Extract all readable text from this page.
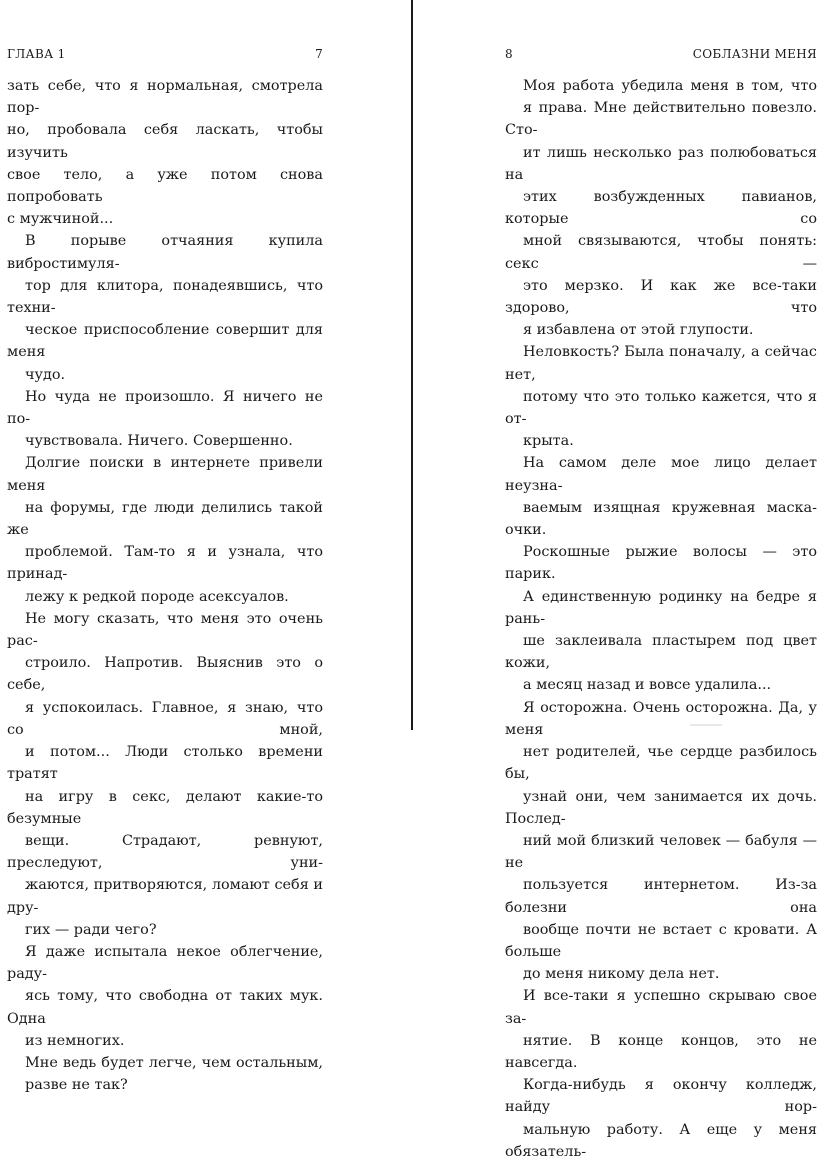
ГЛАВА 1	7

зать себе, что я нормальная, смотрела пор-
но, пробовала себя ласкать, чтобы изучить
свое тело, а уже потом снова попробовать
с мужчиной...

В порыве отчаяния купила вибростимуля-
тор для клитора, понадеявшись, что техни-
ческое приспособление совершит для меня
чудо.

Но чуда не произошло. Я ничего не по-
чувствовала. Ничего. Совершенно.

Долгие поиски в интернете привели меня
на форумы, где люди делились такой же
проблемой. Там-то я и узнала, что принад-
лежу к редкой породе асексуалов.

Не могу сказать, что меня это очень рас-
строило. Напротив. Выяснив это о себе,
я успокоилась. Главное, я знаю, что со мной,
и потом... Люди столько времени тратят
на игру в секс, делают какие-то безумные
вещи. Страдают, ревнуют, преследуют, уни-
жаются, притворяются, ломают себя и дру-
гих — ради чего?

Я даже испытала некое облегчение, раду-
ясь тому, что свободна от таких мук. Одна
из немногих.

Мне ведь будет легче, чем остальным,
разве не так?

8	СОБЛАЗНИ МЕНЯ

Моя работа убедила меня в том, что
я права. Мне действительно повезло. Сто-
ит лишь несколько раз полюбоваться на
этих возбужденных павианов, которые со
мной связываются, чтобы понять: секс —
это мерзко. И как же все-таки здорово, что
я избавлена от этой глупости.

Неловкость? Была поначалу, а сейчас нет,
потому что это только кажется, что я от-
крыта.

На самом деле мое лицо делает неузна-
ваемым изящная кружевная маска-очки.
Роскошные рыжие волосы — это парик.
А единственную родинку на бедре я рань-
ше заклеивала пластырем под цвет кожи,
а месяц назад и вовсе удалила...

Я осторожна. Очень осторожна. Да, у меня
нет родителей, чье сердце разбилось бы,
узнай они, чем занимается их дочь. Послед-
ний мой близкий человек — бабуля — не
пользуется интернетом. Из-за болезни она
вообще почти не встает с кровати. А больше
до меня никому дела нет.

И все-таки я успешно скрываю свое за-
нятие. В конце концов, это не навсегда.
Когда-нибудь я окончу колледж, найду нор-
мальную работу. А еще у меня обязатель-
